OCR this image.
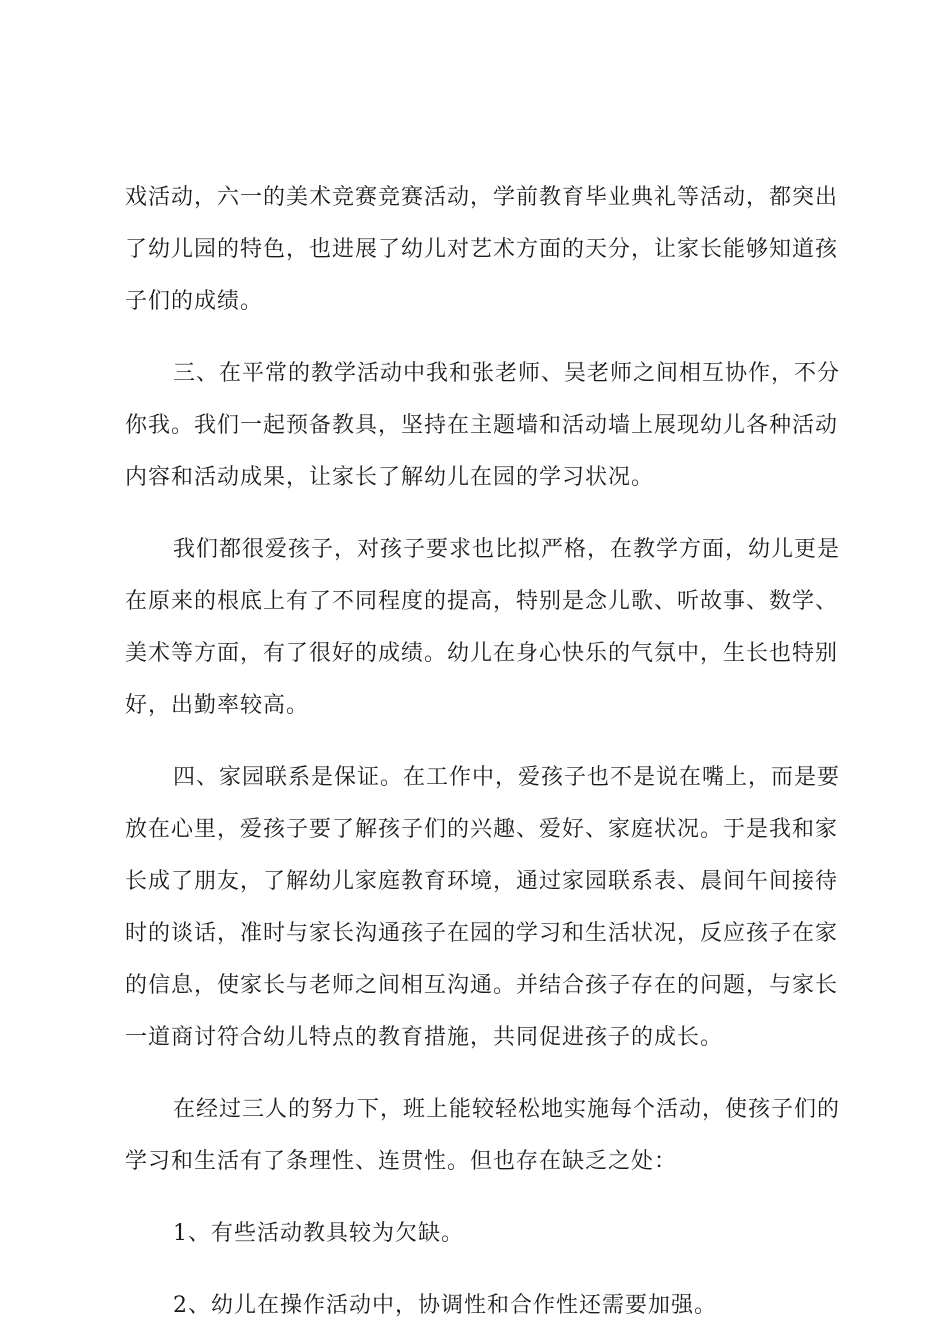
戏活动，六一的美术竞赛竞赛活动，学前教育毕业典礼等活动，都突出
了幼儿园的特色，也进展了幼儿对艺术方面的天分，让家长能够知道孩
子们的成绩。
三、在平常的教学活动中我和张老师、吴老师之间相互协作，不分
你我。我们一起预备教具，坚持在主题墙和活动墙上展现幼儿各种活动
内容和活动成果，让家长了解幼儿在园的学习状况。
我们都很爱孩子，对孩子要求也比拟严格，在教学方面，幼儿更是
在原来的根底上有了不同程度的提高，特别是念儿歌、听故事、数学、
美术等方面，有了很好的成绩。幼儿在身心快乐的气氛中，生长也特别
好，出勤率较高。
四、家园联系是保证。在工作中，爱孩子也不是说在嘴上，而是要
放在心里，爱孩子要了解孩子们的兴趣、爱好、家庭状况。于是我和家
长成了朋友，了解幼儿家庭教育环境，通过家园联系表、晨间午间接待
时的谈话，准时与家长沟通孩子在园的学习和生活状况，反应孩子在家
的信息，使家长与老师之间相互沟通。并结合孩子存在的问题，与家长
一道商讨符合幼儿特点的教育措施，共同促进孩子的成长。
在经过三人的努力下，班上能较轻松地实施每个活动，使孩子们的
学习和生活有了条理性、连贯性。但也存在缺乏之处：
1、有些活动教具较为欠缺。
2、幼儿在操作活动中，协调性和合作性还需要加强。
